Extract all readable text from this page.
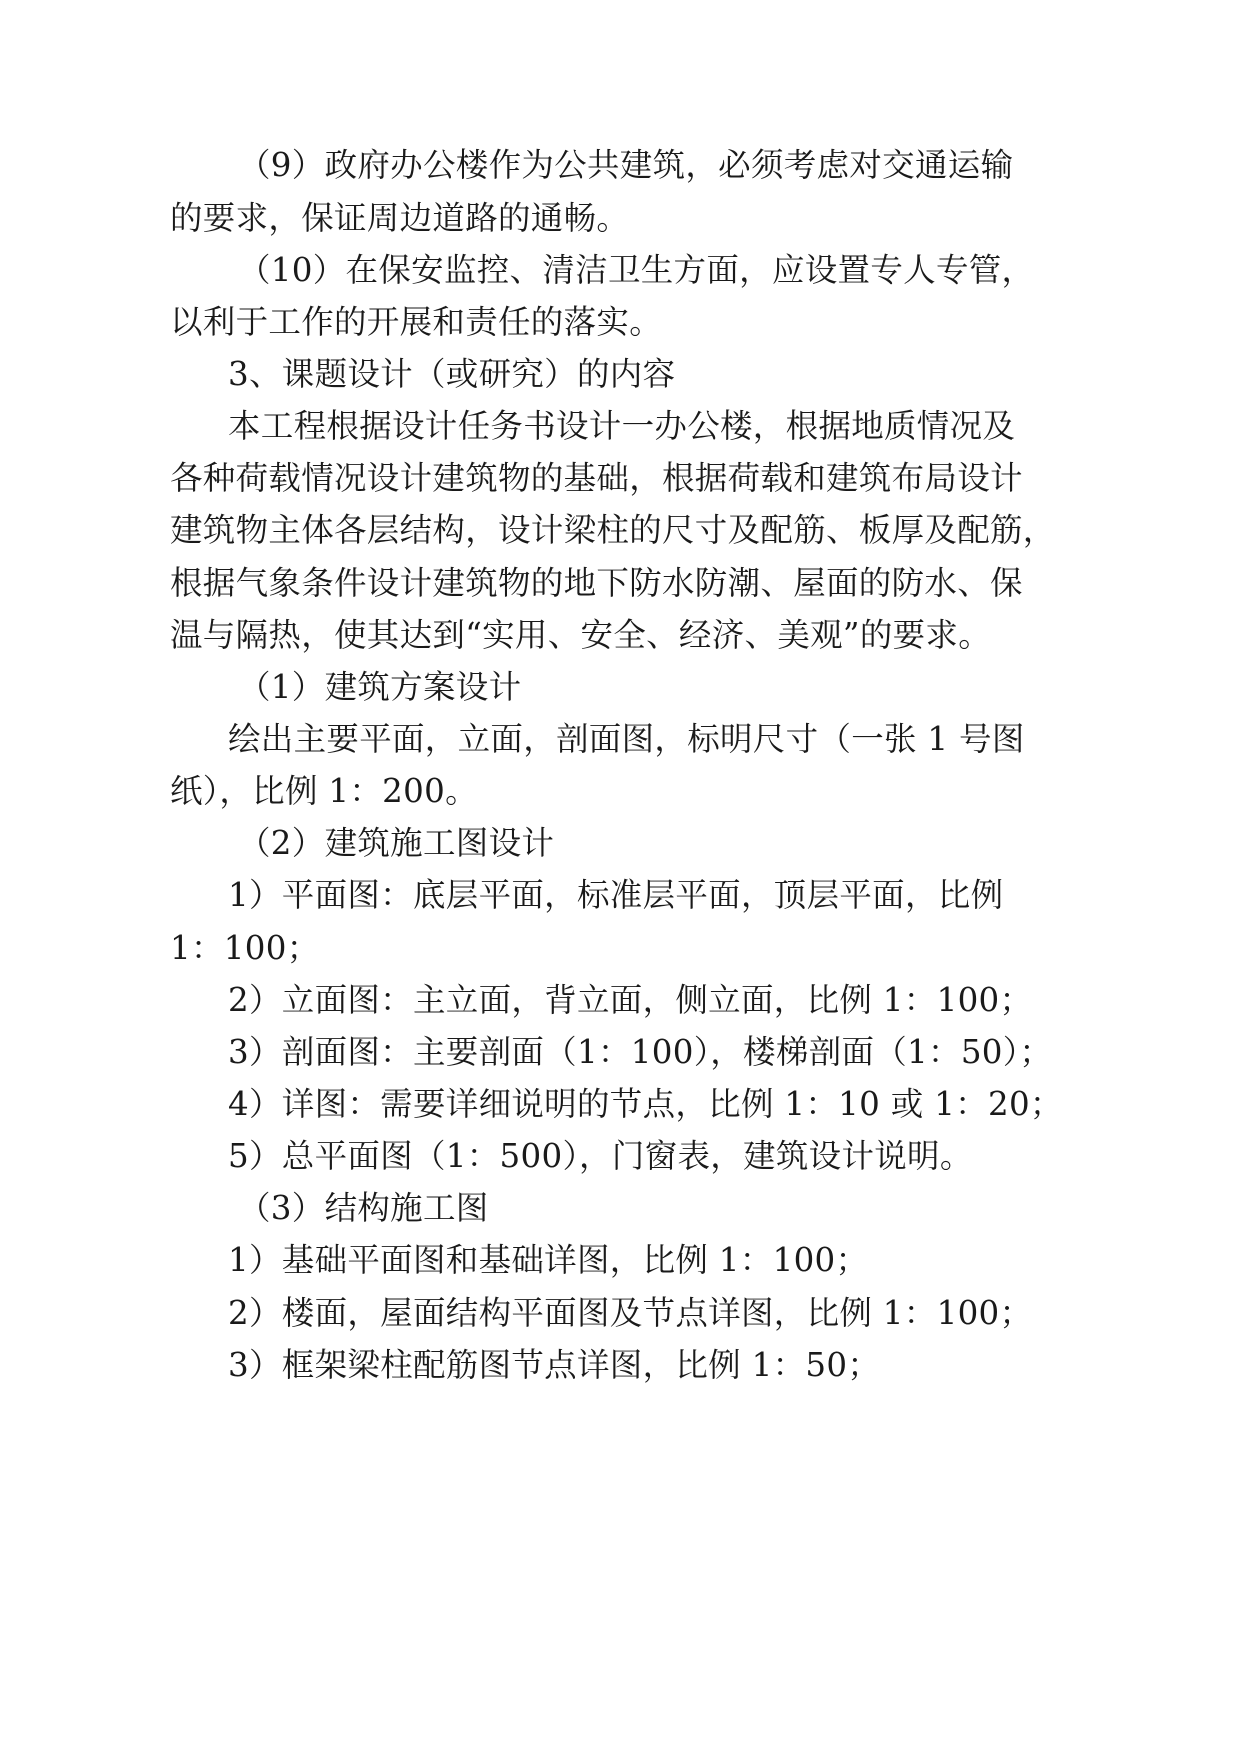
（9）政府办公楼作为公共建筑，必须考虑对交通运输
的要求，保证周边道路的通畅。
（10）在保安监控、清洁卫生方面，应设置专人专管，
以利于工作的开展和责任的落实。
3、课题设计（或研究）的内容
本工程根据设计任务书设计一办公楼，根据地质情况及
各种荷载情况设计建筑物的基础，根据荷载和建筑布局设计
建筑物主体各层结构，设计梁柱的尺寸及配筋、板厚及配筋，
根据气象条件设计建筑物的地下防水防潮、屋面的防水、保
温与隔热，使其达到“实用、安全、经济、美观”的要求。
（1）建筑方案设计
绘出主要平面，立面，剖面图，标明尺寸（一张 1 号图
纸），比例 1：200。
（2）建筑施工图设计
1）平面图：底层平面，标准层平面，顶层平面，比例
1：100；
2）立面图：主立面，背立面，侧立面，比例 1：100；
3）剖面图：主要剖面（1：100），楼梯剖面（1：50）；
4）详图：需要详细说明的节点，比例 1：10 或 1：20；
5）总平面图（1：500），门窗表，建筑设计说明。
（3）结构施工图
1）基础平面图和基础详图，比例 1：100；
2）楼面，屋面结构平面图及节点详图，比例 1：100；
3）框架梁柱配筋图节点详图，比例 1：50；
